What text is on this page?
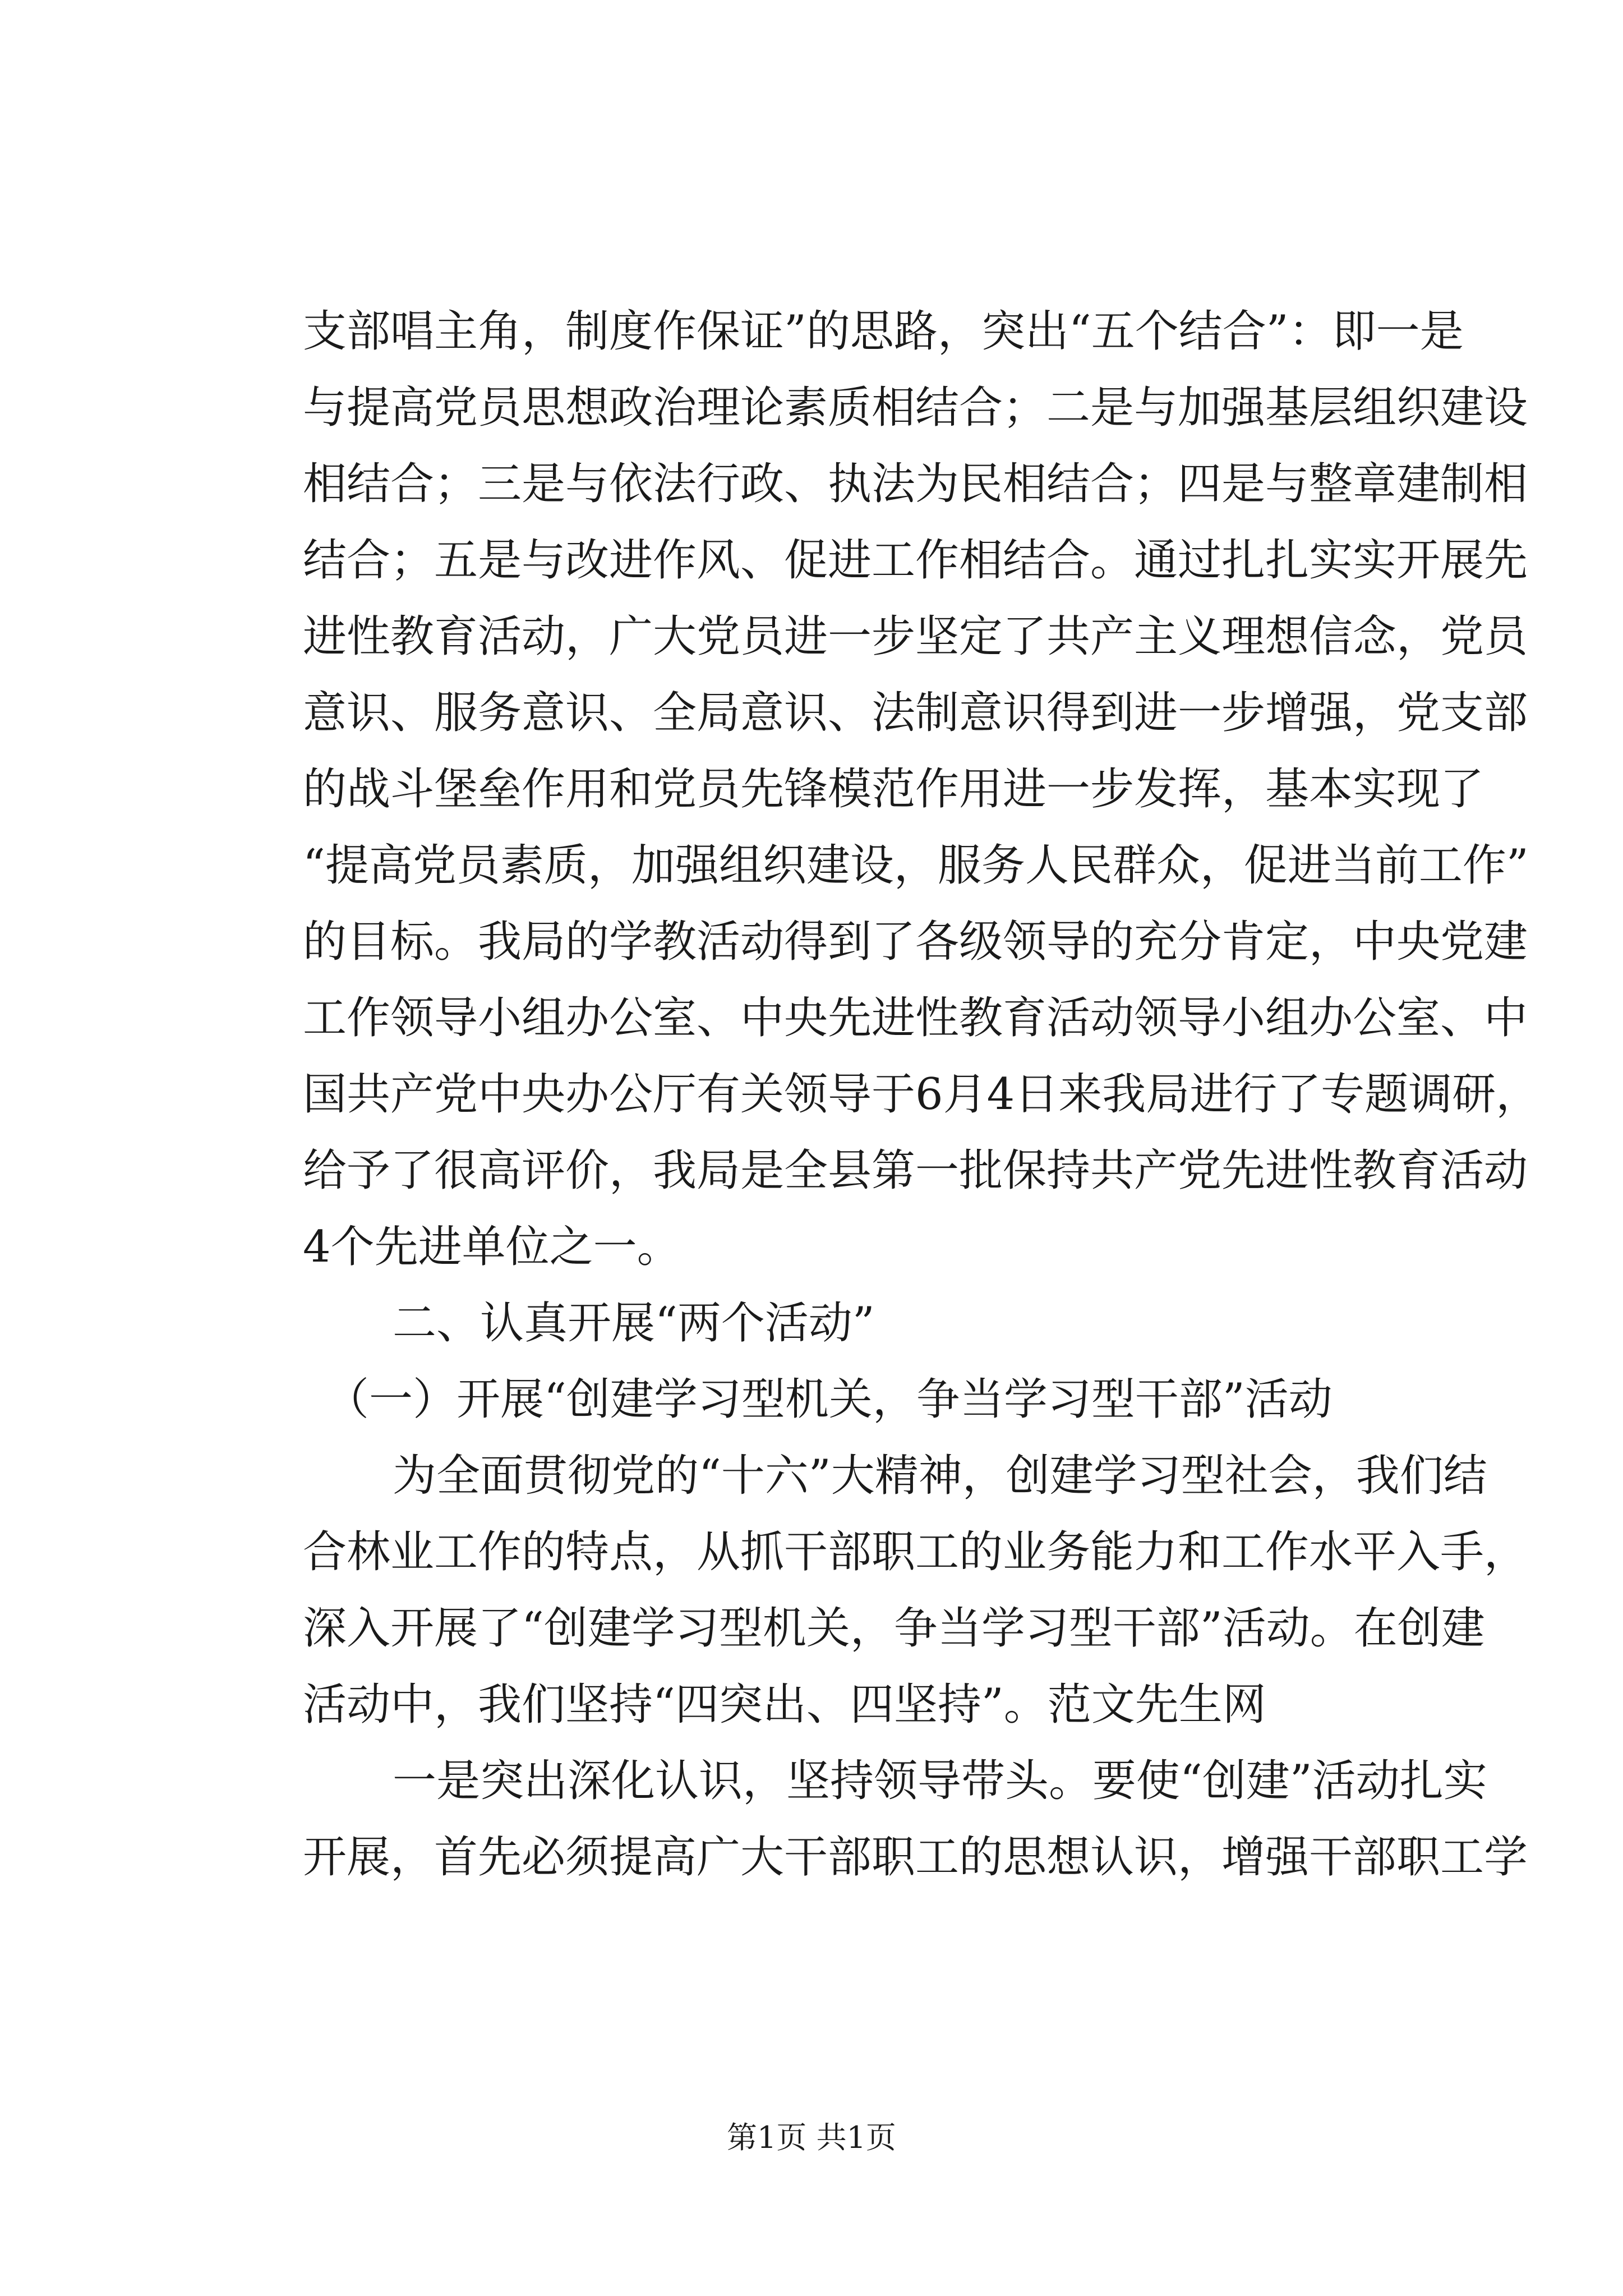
支部唱主角，制度作保证”的思路，突出“五个结合”：即一是
与提高党员思想政治理论素质相结合；二是与加强基层组织建设
相结合；三是与依法行政、执法为民相结合；四是与整章建制相
结合；五是与改进作风、促进工作相结合。通过扎扎实实开展先
进性教育活动，广大党员进一步坚定了共产主义理想信念，党员
意识、服务意识、全局意识、法制意识得到进一步增强，党支部
的战斗堡垒作用和党员先锋模范作用进一步发挥，基本实现了
“提高党员素质，加强组织建设，服务人民群众，促进当前工作”
的目标。我局的学教活动得到了各级领导的充分肯定，中央党建
工作领导小组办公室、中央先进性教育活动领导小组办公室、中
国共产党中央办公厅有关领导于6月4日来我局进行了专题调研，
给予了很高评价，我局是全县第一批保持共产党先进性教育活动
4个先进单位之一。
二、认真开展“两个活动”
（一）开展“创建学习型机关，争当学习型干部”活动
为全面贯彻党的“十六”大精神，创建学习型社会，我们结
合林业工作的特点，从抓干部职工的业务能力和工作水平入手，
深入开展了“创建学习型机关，争当学习型干部”活动。在创建
活动中，我们坚持“四突出、四坚持”。范文先生网
一是突出深化认识，坚持领导带头。要使“创建”活动扎实
开展，首先必须提高广大干部职工的思想认识，增强干部职工学
第1页 共1页
